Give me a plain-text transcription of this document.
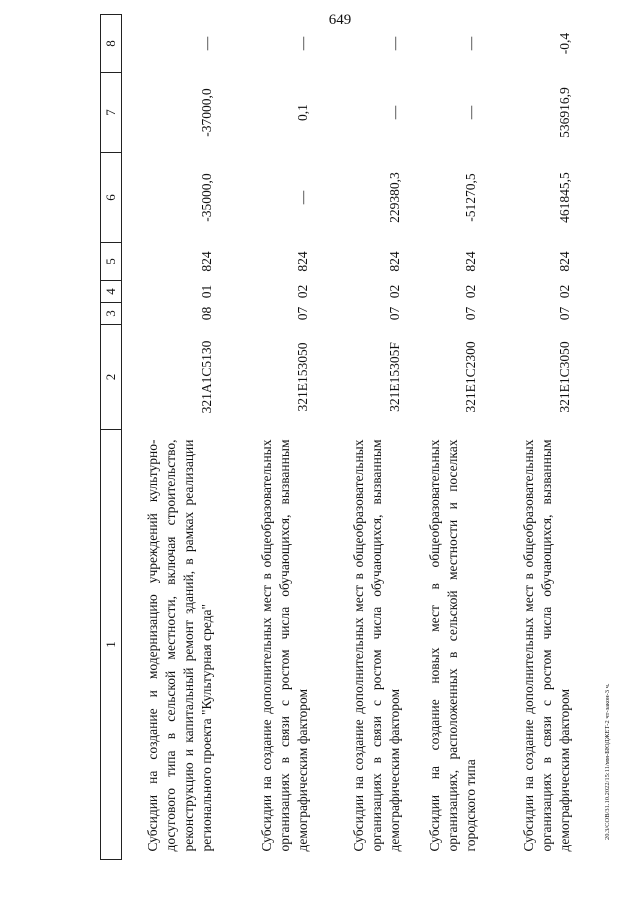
649
20.3/СОВ/31.10.2022/15:11/мм-БЮДЖЕТ-2 чт-закон-3 ч.
1	2	3	4	5	6	7	8
Субсидии на создание и модернизацию учреждений культурно-досугового типа в сельской местности, включая строительство, реконструкцию и капитальный ремонт зданий, в рамках реализации регионального проекта "Культурная среда"	321A1C5130	08	01	824	-35000,0	-37000,0	—
Субсидии на создание дополнительных мест в общеобразовательных организациях в связи с ростом числа обучающихся, вызванным демографическим фактором	321E153050	07	02	824	—	0,1	—
Субсидии на создание дополнительных мест в общеобразовательных организациях в связи с ростом числа обучающихся, вызванным демографическим фактором	321E15305F	07	02	824	229380,3	—	—
Субсидии на создание новых мест в общеобразовательных организациях, расположенных в сельской местности и поселках городского типа	321E1C2300	07	02	824	-51270,5	—	—
Субсидии на создание дополнительных мест в общеобразовательных организациях в связи с ростом числа обучающихся, вызванным демографическим фактором	321E1C3050	07	02	824	461845,5	536916,9	-0,4
